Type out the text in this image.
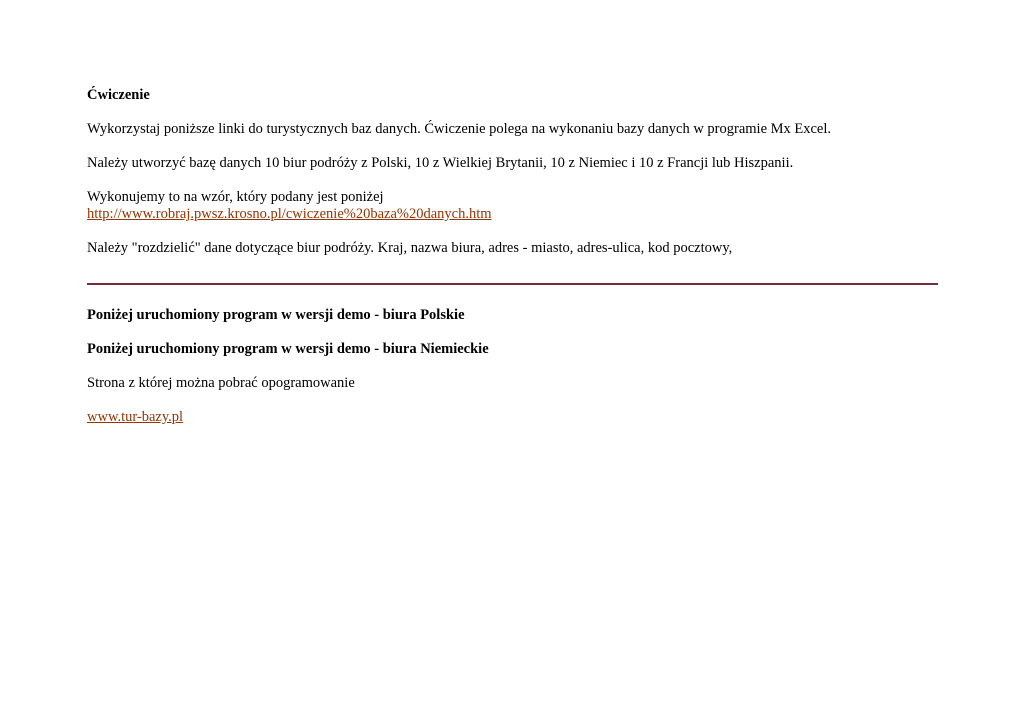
Ćwiczenie
Wykorzystaj poniższe linki do turystycznych baz danych. Ćwiczenie polega na wykonaniu bazy danych w programie Mx Excel.
Należy utworzyć bazę danych 10 biur podróży z Polski, 10 z Wielkiej Brytanii, 10 z Niemiec i 10 z Francji lub Hiszpanii.
Wykonujemy to na wzór, który podany jest poniżej
http://www.robraj.pwsz.krosno.pl/cwiczenie%20baza%20danych.htm
Należy "rozdzielić" dane dotyczące biur podróży. Kraj, nazwa biura, adres - miasto, adres-ulica, kod pocztowy,
Poniżej uruchomiony program w wersji demo - biura Polskie
Poniżej uruchomiony program w wersji demo - biura Niemieckie
Strona z której można pobrać opogramowanie
www.tur-bazy.pl
